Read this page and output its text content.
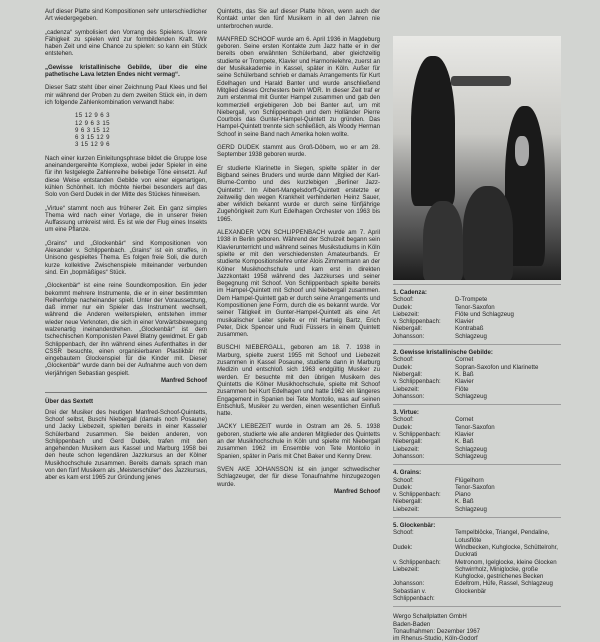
Auf dieser Platte sind Kompositionen sehr unterschiedlicher Art wiedergegeben.

„cadenza“ symbolisiert den Vorrang des Spielens. Unsere Fähigkeit zu spielen wird zur formbildenden Kraft. Wir haben Zeit und eine Chance zu spielen: so kann ein Stück entstehen.

„Gewisse kristallinische Gebilde, über die eine pathetische Lava letzten Endes nicht vermag“.

Dieser Satz steht über einer Zeichnung Paul Klees und fiel mir während der Proben zu dem zweiten Stück ein, in dem ich folgende Zahlenkombination verwandt habe:

15 12 9 6 3
12 9 6 3 15
9 6 3 15 12
6 3 15 12 9
3 15 12 9 6

Nach einer kurzen Einleitungsphrase bildet die Gruppe lose aneinandergereihte Komplexe, wobei jeder Spieler in eine für ihn festgelegte Zahlenreihe beliebige Töne einsetzt. Auf diese Weise entstanden Gebilde von einer eigenartigen, kühlen Schönheit. Ich möchte hierbei besonders auf das Solo von Gerd Dudek in der Mitte des Stückes hinweisen.

„Virtue“ stammt noch aus früherer Zeit. Ein ganz simples Thema wird nach einer Vorlage, die in unserer freien Auffassung umkreist wird. Es ist wie der Flug eines Insekts um eine Pflanze.

„Grains“ und „Glockenbär“ sind Kompositionen von Alexander v. Schlippenbach. „Grains“ ist ein straffes, in Unisono gespieltes Thema. Es folgen freie Soli, die durch kurze kollektive Zwischenspiele miteinander verbunden sind. Ein „bopmäßiges“ Stück.

„Glockenbär“ ist eine reine Soundkomposition. Ein jeder bekommt mehrere Instrumente, die er in einer bestimmten Reihenfolge nacheinander spielt. Unter der Voraussetzung, daß immer nur ein Spieler das Instrument wechselt, während die Anderen weiterspielen, entstehen immer wieder neue Verknoten, die sich in einer Vorwärtsbewegung walzenartig ineinanderdrehen. „Glockenbär“ ist dem tschechischen Komponisten Pavel Blatny gewidmet. Er gab Schlippenbach, der ihn während eines Aufenthaltes in der CSSR besuchte, einen organisierbaren Plastikbär mit eingebautem Glockenspiel für die Kinder mit. Dieser „Glockenbär“ wurde dann bei der Aufnahme auch von dem vierjährigen Sebastian gespielt.

Manfred Schoof
Über das Sextett

Drei der Musiker des heutigen Manfred-Schoof-Quintetts, Schoof selbst, Buschi Niebergall (damals noch Posaune) und Jacky Liebezeit, spielten bereits in einer Kasseler Schülerband zusammen. Sie beiden anderen, von Schlippenbach und Gerd Dudek, trafen mit den angehenden Musikern aus Kassel und Marburg 1958 bei den heute schon legendären Jazzkursus an der Kölner Musikhochschule zusammen. Bereits damals sprach man von den fünf Musikern als „Meisterschüler“ des Jazzkursus, aber es kam erst 1965 zur Gründung jenes

Quintetts, das Sie auf dieser Platte hören, wenn auch der Kontakt unter den fünf Musikern in all den Jahren nie unterbrochen wurde.

MANFRED SCHOOF wurde am 6. April 1936 in Magdeburg geboren. Seine ersten Kontakte zum Jazz hatte er in der bereits oben erwähnten Schülerband, aber gleichzeitig studierte er Trompete, Klavier und Harmonielehre, zuerst an der Musikakademie in Kassel, später in Köln. Außer für seine Schülerband schrieb er damals Arrangements für Kurt Edelhagen und Harald Banter und wurde anschließend Mitglied dieses Orchesters beim WDR. In dieser Zeit traf er zum erstenmal mit Gunter Hampel zusammen und gab den kommerziell ergiebigeren Job bei Banter auf, um mit Niebergall, von Schlippenbach und dem Holländer Pierre Courbois das Gunter-Hampel-Quintett zu gründen. Das Hampel-Quintett trennte sich schließlich, als Woody Herman Schoof in seine Band nach Amerika holen wollte.

GERD DUDEK stammt aus Groß-Döbern, wo er am 28. September 1938 geboren wurde.

Er studierte Klarinette in Siegen, spielte später in der Bigband seines Bruders und wurde dann Mitglied der Karl-Blume-Combo und des kurzlebigen „Berliner Jazz-Quintetts“. Im Albert-Mangelsdorff-Quintett erstetzte er zeitweilig den wegen Krankheit verhinderten Heinz Sauer, aber wirklich bekannt wurde er durch seine fünfjährige Zugehörigkeit zum Kurt Edelhagen Orchester von 1963 bis 1965.

ALEXANDER VON SCHLIPPENBACH wurde am 7. April 1938 in Berlin geboren. Während der Schulzeit begann sein Klavierunterricht und während seines Musikstudiums in Köln spielte er mit den verschiedensten Amateurbands. Er studierte Kompositionslehre unter Alois Zimmermann an der Kölner Musikhochschule und kam erst in direkten Jazzkontakt 1958 während des Jazzkurses und seiner Begegnung mit Schoof. Von Schlippenbach spielte bereits im Hampel-Quintett mit Schoof und Niebergall zusammen. Dem Hampel-Quintett gab er durch seine Arrangements und Kompositionen jene Form, durch die es bekannt wurde. Vor seiner Tätigkeit im Gunter-Hampel-Quintett als eine Art musikalischer Leiter spielte er mit Hartwig Bartz, Erich Peter, Dick Spencer und Rudi Füssers in einem Quintett zusammen.

BUSCHI NIEBERGALL, geboren am 18. 7. 1938 in Marburg, spielte zuerst 1955 mit Schoof und Liebezeit zusammen in Kassel Posaune, studierte dann in Marburg Medizin und entschloß sich 1963 endgültig Musiker zu werden. Er besuchte mit den übrigen Musikern des Quintetts die Kölner Musikhochschule, spielte mit Schoof zusammen bei Kurt Edelhagen und hatte 1962 ein längeres Engagement in Spanien bei Tete Montolio, was auf seinen Entschluß, Musiker zu werden, einen wesentlichen Einfluß hatte.

JACKY LIEBEZEIT wurde in Ostram am 26. 5. 1938 geboren, studierte wie alle anderen Mitglieder des Quintetts an der Musikhochschule in Köln und spielte mit Niebergall zusammen 1962 im Ensemble von Tete Montolio in Spanien, später in Paris mit Chet Baker und Kenny Drew.

SVEN AKE JOHANSSON ist ein junger schwedischer Schlagzeuger, der für diese Tonaufnahme hinzugezogen wurde.

Manfred Schoof
1. Cadenza:
Schoof:	D-Trompete
Dudek:	Tenor-Saxofon
Liebezeit:	Flöte und Schlagzeug
v. Schlippenbach:	Klavier
Niebergall:	Kontrabaß
Johansson:	Schlagzeug
2. Gewisse kristallinische Gebilde:
Schoof:	Cornet
Dudek:	Sopran-Saxofon und Klarinette
Niebergall:	K. Baß
v. Schlippenbach:	Klavier
Liebezeit:	Flöte
Johansson:	Schlagzeug
3. Virtue:
Schoof:	Cornet
Dudek:	Tenor-Saxofon
v. Schlippenbach:	Klavier
Niebergall:	K. Baß
Liebezeit:	Schlagzeug
Johansson:	Schlagzeug
4. Grains:
Schoof:	Flügelhorn
Dudek:	Tenor-Saxofon
v. Schlippenbach:	Piano
Niebergall:	K. Baß
Liebezeit:	Schlagzeug
5. Glockenbär:
Schoof:	Tempelblöcke, Triangel, Pendaline, Lotusflöte
Dudek:	Windbecken, Kuhglocke, Schüttelrohr, Duckrati
v. Schlippenbach:	Metronom, Igelglocke, kleine Glocken
Liebezeit:	Schwirrholz, Miniglocke, große Kuhglocke, gestrichenes Becken
Johansson:	Edeltrom, Hüfe, Rassel, Schlagzeug
Sebastian v. Schlippenbach:
Glockenbär
Wergo Schallplatten GmbH
Baden-Baden
Tonaufnahmen: Dezember 1967
im Rhenus-Studio, Köln-Godorf
